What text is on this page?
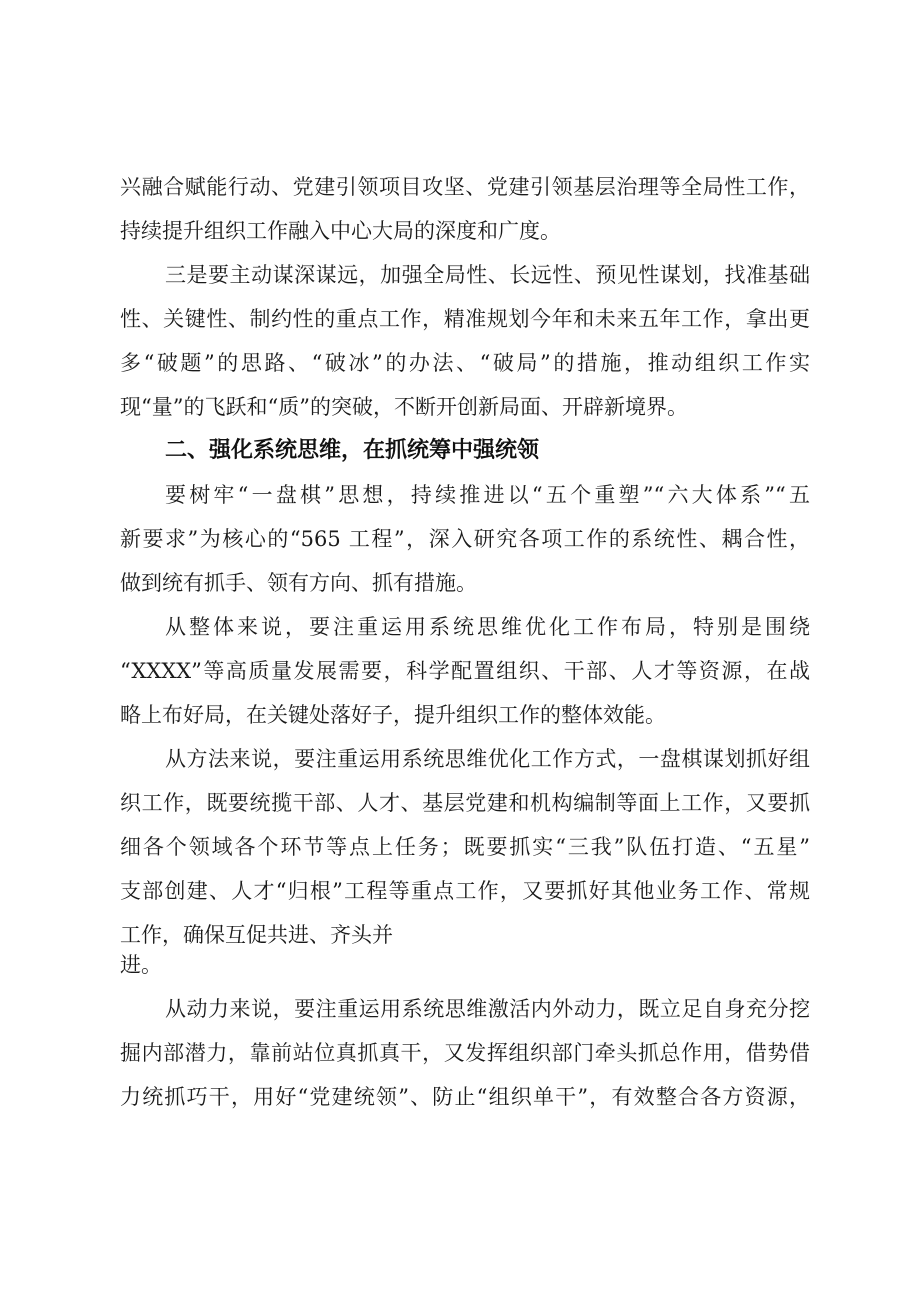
兴融合赋能行动、党建引领项目攻坚、党建引领基层治理等全局性工作，
持续提升组织工作融入中心大局的深度和广度。
三是要主动谋深谋远，加强全局性、长远性、预见性谋划，找准基础
性、关键性、制约性的重点工作，精准规划今年和未来五年工作，拿出更
多“破题”的思路、“破冰”的办法、“破局”的措施，推动组织工作实
现“量”的飞跃和“质”的突破，不断开创新局面、开辟新境界。
二、强化系统思维，在抓统筹中强统领
要树牢“一盘棋”思想，持续推进以“五个重塑”“六大体系”“五
新要求”为核心的“565 工程”，深入研究各项工作的系统性、耦合性，
做到统有抓手、领有方向、抓有措施。
从整体来说，要注重运用系统思维优化工作布局，特别是围绕
“XXXX”等高质量发展需要，科学配置组织、干部、人才等资源，在战
略上布好局，在关键处落好子，提升组织工作的整体效能。
从方法来说，要注重运用系统思维优化工作方式，一盘棋谋划抓好组
织工作，既要统揽干部、人才、基层党建和机构编制等面上工作，又要抓
细各个领域各个环节等点上任务；既要抓实“三我”队伍打造、“五星”
支部创建、人才“归根”工程等重点工作，又要抓好其他业务工作、常规
工作，确保互促共进、齐头并
进。
从动力来说，要注重运用系统思维激活内外动力，既立足自身充分挖
掘内部潜力，靠前站位真抓真干，又发挥组织部门牵头抓总作用，借势借
力统抓巧干，用好“党建统领”、防止“组织单干”，有效整合各方资源，
